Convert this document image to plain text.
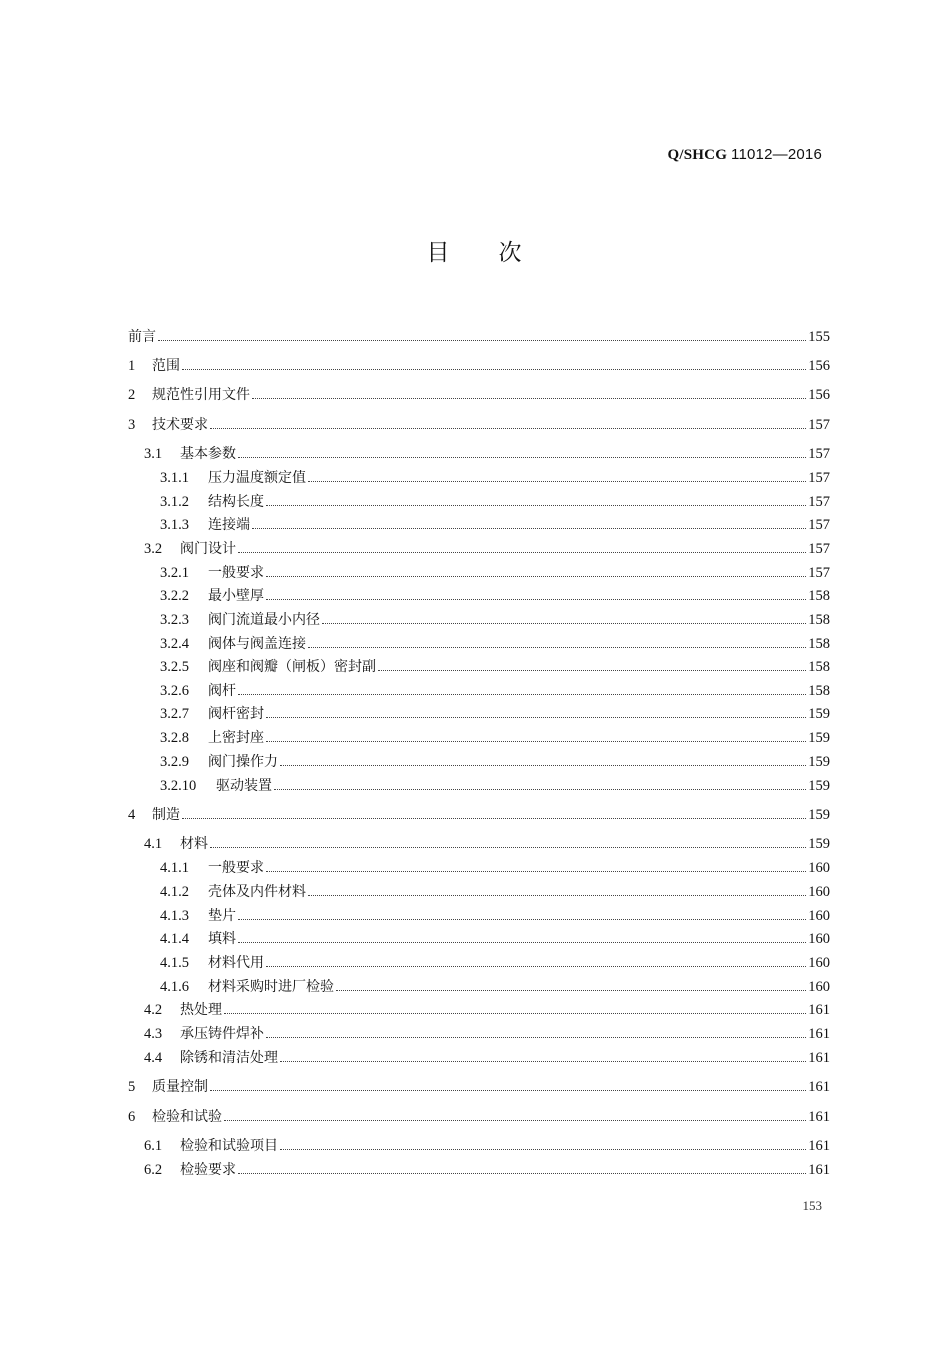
Q/SHCG 11012—2016
目 次
前言	155
1 范围	156
2 规范性引用文件	156
3 技术要求	157
3.1 基本参数	157
3.1.1 压力温度额定值	157
3.1.2 结构长度	157
3.1.3 连接端	157
3.2 阀门设计	157
3.2.1 一般要求	157
3.2.2 最小壁厚	158
3.2.3 阀门流道最小内径	158
3.2.4 阀体与阀盖连接	158
3.2.5 阀座和阀瓣（闸板）密封副	158
3.2.6 阀杆	158
3.2.7 阀杆密封	159
3.2.8 上密封座	159
3.2.9 阀门操作力	159
3.2.10 驱动装置	159
4 制造	159
4.1 材料	159
4.1.1 一般要求	160
4.1.2 壳体及内件材料	160
4.1.3 垫片	160
4.1.4 填料	160
4.1.5 材料代用	160
4.1.6 材料采购时进厂检验	160
4.2 热处理	161
4.3 承压铸件焊补	161
4.4 除锈和清洁处理	161
5 质量控制	161
6 检验和试验	161
6.1 检验和试验项目	161
6.2 检验要求	161
153
